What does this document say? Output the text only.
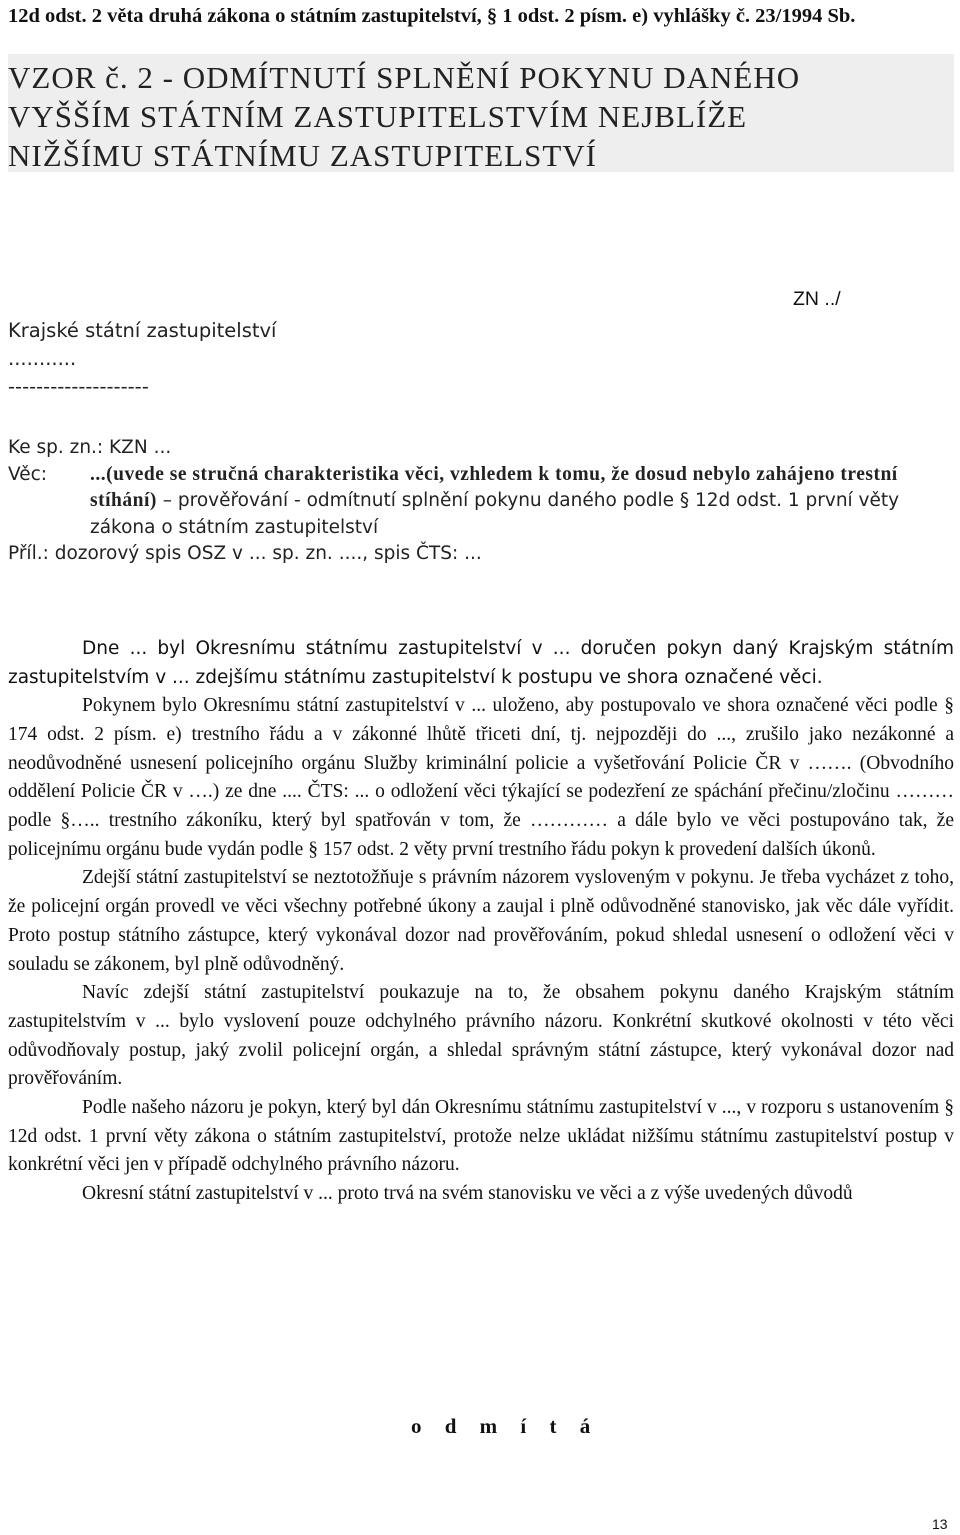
12d odst. 2 věta druhá zákona o státním zastupitelství, § 1 odst. 2 písm. e) vyhlášky č. 23/1994 Sb.

VZOR č. 2 - ODMÍTNUTÍ SPLNĚNÍ POKYNU DANÉHO
VYŠŠÍM STÁTNÍM ZASTUPITELSTVÍM NEJBLÍŽE
NIŽŠÍMU STÁTNÍMU ZASTUPITELSTVÍ
ZN ../
Krajské státní zastupitelství
...........
--------------------
Ke sp. zn.: KZN ...
Věc:	...(uvede se stručná charakteristika věci, vzhledem k tomu, že dosud nebylo zahájeno trestní stíhání) – prověřování - odmítnutí splnění pokynu daného podle § 12d odst. 1 první věty zákona o státním zastupitelství
Příl.: dozorový spis OSZ v ... sp. zn. ...., spis ČTS: ...

Dne ... byl Okresnímu státnímu zastupitelství v ... doručen pokyn daný Krajským státním zastupitelstvím v ... zdejšímu státnímu zastupitelství k postupu ve shora označené věci.

Pokynem bylo Okresnímu státní zastupitelství v ... uloženo, aby postupovalo ve shora označené věci podle § 174 odst. 2 písm. e) trestního řádu a v zákonné lhůtě třiceti dní, tj. nejpozději do ..., zrušilo jako nezákonné a neodůvodněné usnesení policejního orgánu Služby kriminální policie a vyšetřování Policie ČR v ……. (Obvodního oddělení Policie ČR v ….) ze dne .... ČTS: ... o odložení věci týkající se podezření ze spáchání přečinu/zločinu ……… podle §….. trestního zákoníku, který byl spatřován v tom, že ………… a dále bylo ve věci postupováno tak, že policejnímu orgánu bude vydán podle § 157 odst. 2 věty první trestního řádu pokyn k provedení dalších úkonů.

Zdejší státní zastupitelství se neztotožňuje s právním názorem vysloveným v pokynu. Je třeba vycházet z toho, že policejní orgán provedl ve věci všechny potřebné úkony a zaujal i plně odůvodněné stanovisko, jak věc dále vyřídit. Proto postup státního zástupce, který vykonával dozor nad prověřováním, pokud shledal usnesení o odložení věci v souladu se zákonem, byl plně odůvodněný.

Navíc zdejší státní zastupitelství poukazuje na to, že obsahem pokynu daného Krajským státním zastupitelstvím v ... bylo vyslovení pouze odchylného právního názoru. Konkrétní skutkové okolnosti v této věci odůvodňovaly postup, jaký zvolil policejní orgán, a shledal správným státní zástupce, který vykonával dozor nad prověřováním.

Podle našeho názoru je pokyn, který byl dán Okresnímu státnímu zastupitelství v ..., v rozporu s ustanovením § 12d odst. 1 první věty zákona o státním zastupitelství, protože nelze ukládat nižšímu státnímu zastupitelství postup v konkrétní věci jen v případě odchylného právního názoru.

Okresní státní zastupitelství v ... proto trvá na svém stanovisku ve věci a z výše uvedených důvodů

o d m í t á
13
